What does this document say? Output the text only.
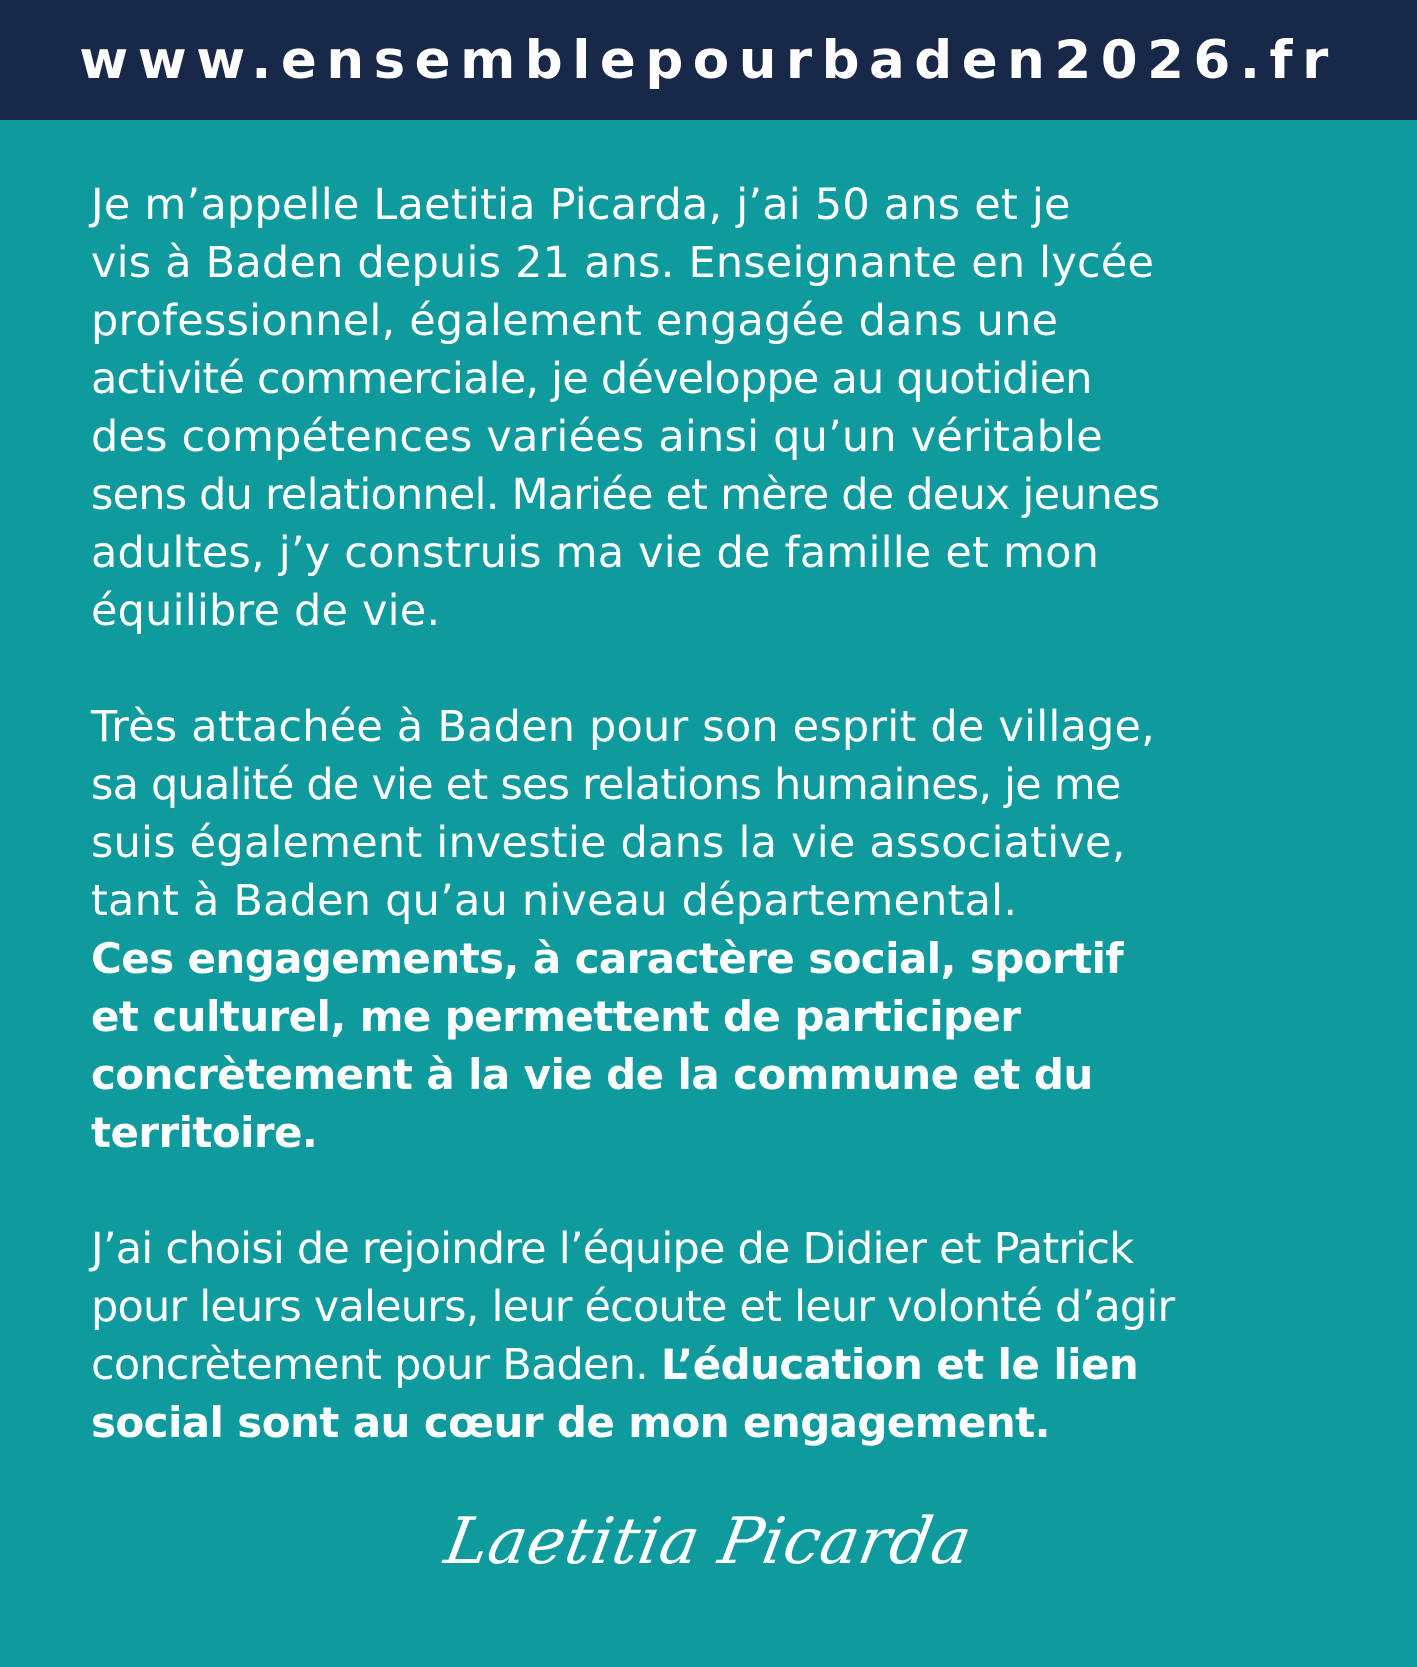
www.ensemblepourbaden2026.fr
Je m’appelle Laetitia Picarda, j’ai 50 ans et je
vis à Baden depuis 21 ans. Enseignante en lycée
professionnel, également engagée dans une
activité commerciale, je développe au quotidien
des compétences variées ainsi qu’un véritable
sens du relationnel. Mariée et mère de deux jeunes
adultes, j’y construis ma vie de famille et mon
équilibre de vie.
Très attachée à Baden pour son esprit de village,
sa qualité de vie et ses relations humaines, je me
suis également investie dans la vie associative,
tant à Baden qu’au niveau départemental.
Ces engagements, à caractère social, sportif
et culturel, me permettent de participer
concrètement à la vie de la commune et du
territoire.
J’ai choisi de rejoindre l’équipe de Didier et Patrick
pour leurs valeurs, leur écoute et leur volonté d’agir
concrètement pour Baden. L’éducation et le lien
social sont au cœur de mon engagement.
Laetitia Picarda
